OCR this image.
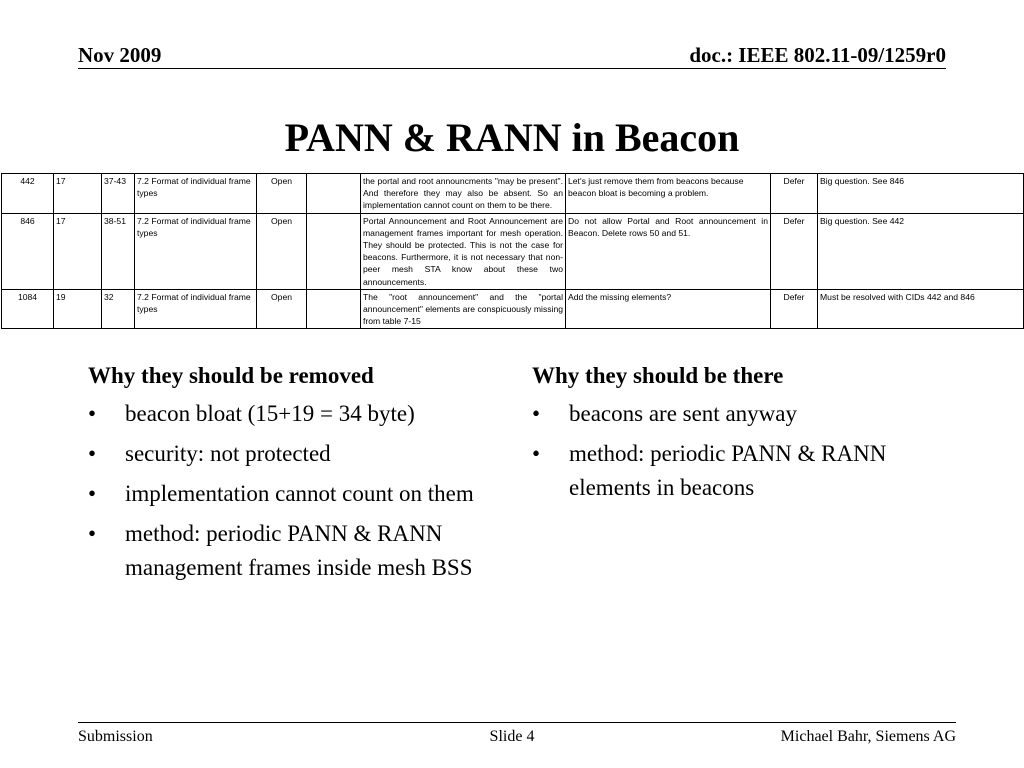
Nov 2009	doc.: IEEE 802.11-09/1259r0
PANN & RANN in Beacon
442	17	37-43	7.2 Format of individual frame types	Open		the portal and root announcments "may be present". And therefore they may also be absent. So an implementation cannot count on them to be there.	Let's just remove them from beacons because beacon bloat is becoming a problem.	Defer	Big question. See 846
846	17	38-51	7.2 Format of individual frame types	Open		Portal Announcement and Root Announcement are management frames important for mesh operation. They should be protected. This is not the case for beacons. Furthermore, it is not necessary that non-peer mesh STA know about these two announcements.	Do not allow Portal and Root announcement in Beacon. Delete rows 50 and 51.	Defer	Big question. See 442
1084	19	32	7.2 Format of individual frame types	Open		The "root announcement" and the "portal announcement" elements are conspicuously missing from table 7-15	Add the missing elements?	Defer	Must be resolved with CIDs 442 and 846
Why they should be removed
• beacon bloat (15+19 = 34 byte)
• security: not protected
• implementation cannot count on them
• method: periodic PANN & RANN management frames inside mesh BSS
Why they should be there
• beacons are sent anyway
• method: periodic PANN & RANN elements in beacons
Submission	Slide 4	Michael Bahr, Siemens AG
